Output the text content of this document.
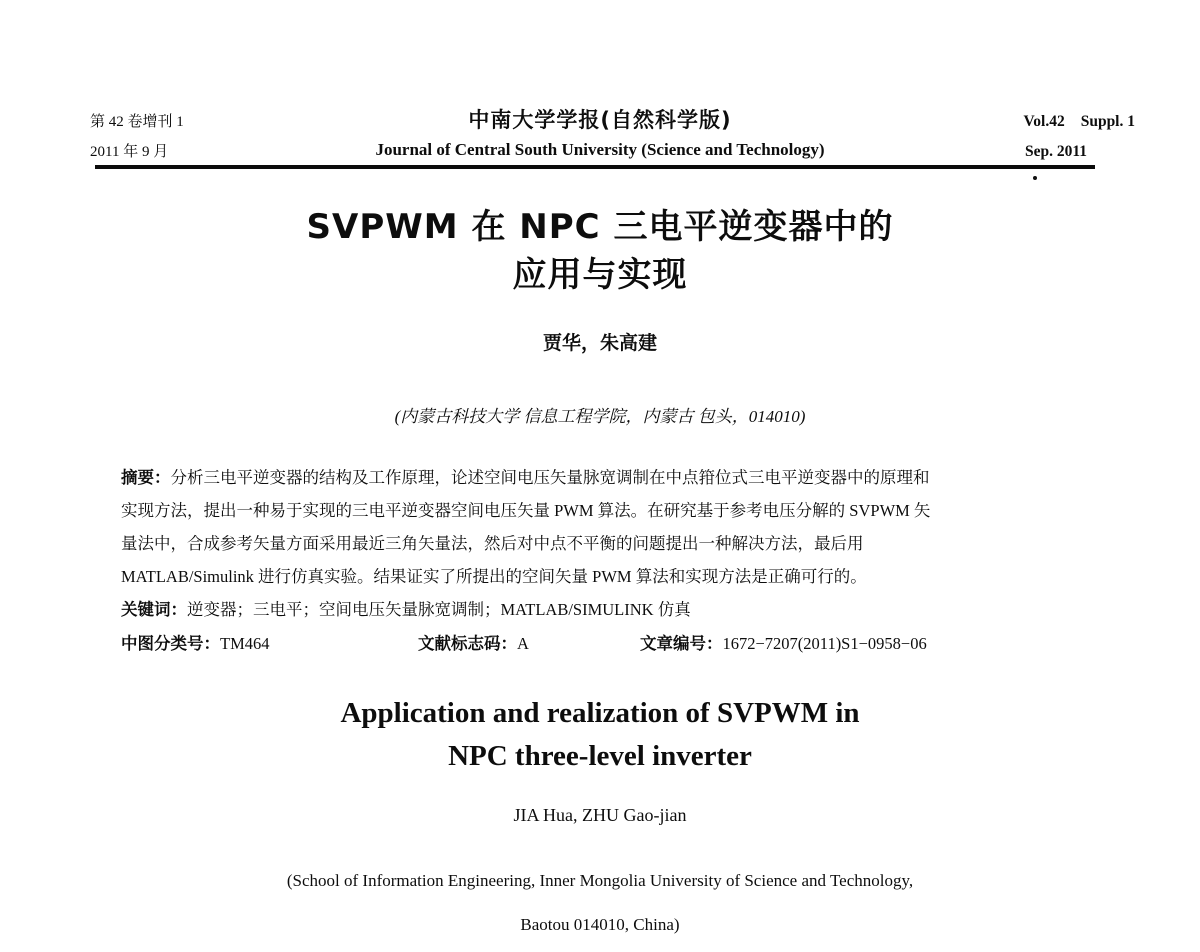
第 42 卷增刊 1
2011 年 9 月
中南大学学报(自然科学版)
Journal of Central South University (Science and Technology)
Vol.42 Suppl. 1
Sep. 2011
SVPWM 在 NPC 三电平逆变器中的
应用与实现
贾华，朱高建
(内蒙古科技大学 信息工程学院，内蒙古 包头，014010)
摘要：分析三电平逆变器的结构及工作原理，论述空间电压矢量脉宽调制在中点箝位式三电平逆变器中的原理和
实现方法，提出一种易于实现的三电平逆变器空间电压矢量 PWM 算法。在研究基于参考电压分解的 SVPWM 矢
量法中，合成参考矢量方面采用最近三角矢量法，然后对中点不平衡的问题提出一种解决方法，最后用
MATLAB/Simulink 进行仿真实验。结果证实了所提出的空间矢量 PWM 算法和实现方法是正确可行的。
关键词：逆变器；三电平；空间电压矢量脉宽调制；MATLAB/SIMULINK 仿真
中图分类号：TM464	文献标志码：A	文章编号：1672−7207(2011)S1−0958−06
Application and realization of SVPWM in
NPC three-level inverter
JIA Hua, ZHU Gao-jian
(School of Information Engineering, Inner Mongolia University of Science and Technology,
Baotou 014010, China)
